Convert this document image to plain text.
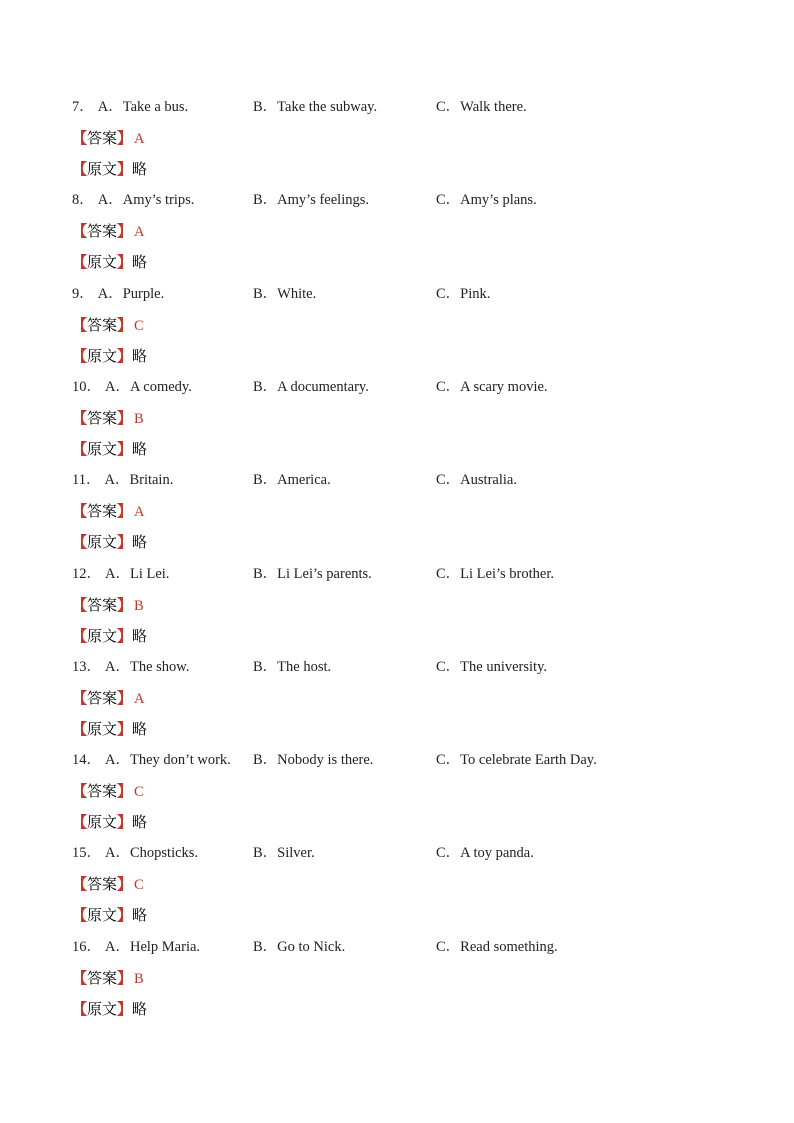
7． A．Take a bus.	B．Take the subway.	C．Walk there.
【答案】 A
【原文】略
8． A．Amy’s trips.	B．Amy’s feelings.	C．Amy’s plans.
【答案】 A
【原文】略
9． A．Purple.	B．White.	C．Pink.
【答案】 C
【原文】略
10． A．A comedy.	B．A documentary.	C．A scary movie.
【答案】 B
【原文】略
11． A．Britain.	B．America.	C．Australia.
【答案】 A
【原文】略
12． A．Li Lei.	B．Li Lei’s parents.	C．Li Lei’s brother.
【答案】 B
【原文】略
13． A．The show.	B．The host.	C．The university.
【答案】 A
【原文】略
14． A．They don’t work. B．Nobody is there.	C．To celebrate Earth Day.
【答案】 C
【原文】略
15． A．Chopsticks.	B．Silver.	C．A toy panda.
【答案】 C
【原文】略
16． A．Help Maria.	B．Go to Nick.	C．Read something.
【答案】 B
【原文】略
